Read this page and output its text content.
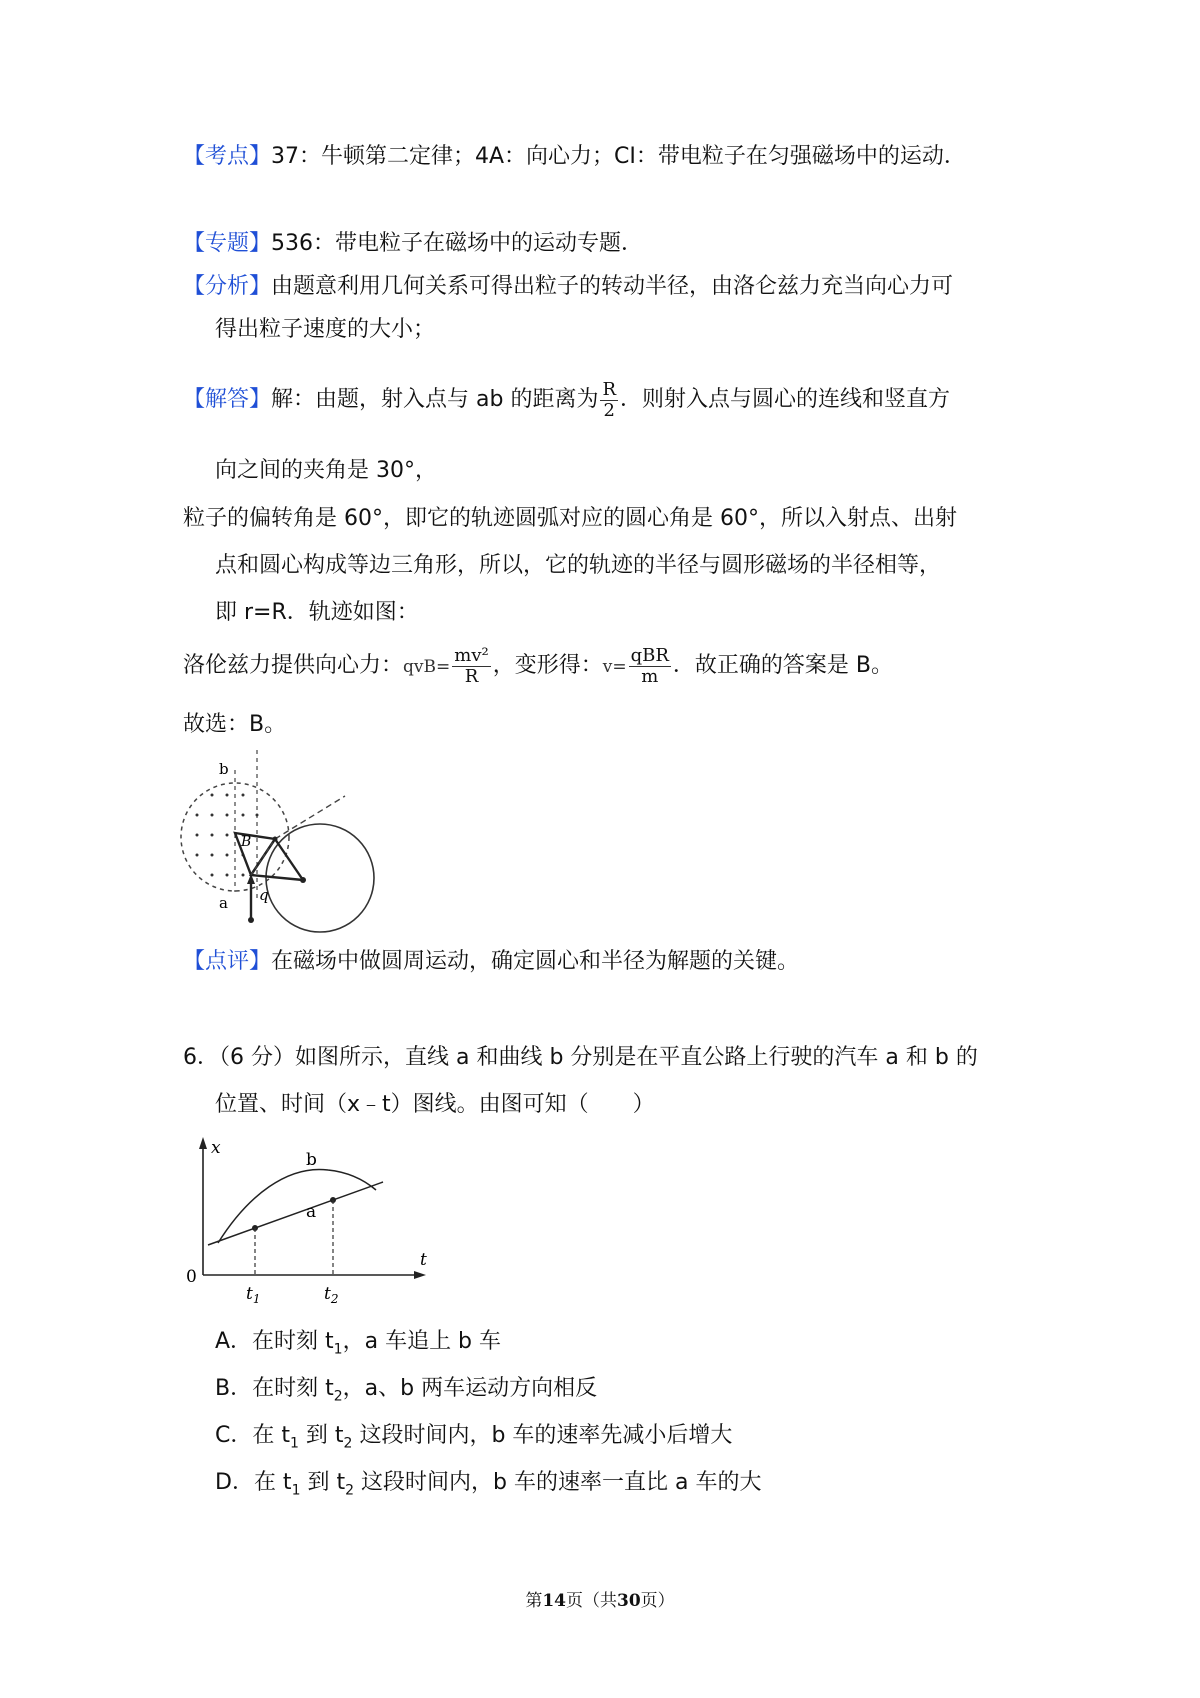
【考点】37：牛顿第二定律；4A：向心力；CI：带电粒子在匀强磁场中的运动．
【专题】536：带电粒子在磁场中的运动专题．
【分析】由题意利用几何关系可得出粒子的转动半径，由洛仑兹力充当向心力可
得出粒子速度的大小；
【解答】解：由题，射入点与 ab 的距离为 $\frac{R}{2}$ ．则射入点与圆心的连线和竖直方
向之间的夹角是 30°，
粒子的偏转角是 60°，即它的轨迹圆弧对应的圆心角是 60°，所以入射点、出射
点和圆心构成等边三角形，所以，它的轨迹的半径与圆形磁场的半径相等，
即 r=R．轨迹如图：
洛伦兹力提供向心力：$qvB= \frac{\text{mv²}}{R}$ ，变形得：v=
qBR
m ．故正确的答案是 B。
故选：B。
b
a
B
q
【点评】在磁场中做圆周运动，确定圆心和半径为解题的关键。
6．（6 分）如图所示，直线 a 和曲线 b 分别是在平直公路上行驶的汽车 a 和 b 的
位置、时间（x﹣t）图线。由图可知（　　）
x
t
0
b
a
$t_1$	$t_2$
A．在时刻 $t_1$，a 车追上 b 车
B．在时刻 $t_2$，a、b 两车运动方向相反
C．在 $t_1$ 到 $t_2$ 这段时间内，b 车的速率先减小后增大
D．在 $t_1$ 到 $t_2$ 这段时间内，b 车的速率一直比 a 车的大
第14页（共30页）
